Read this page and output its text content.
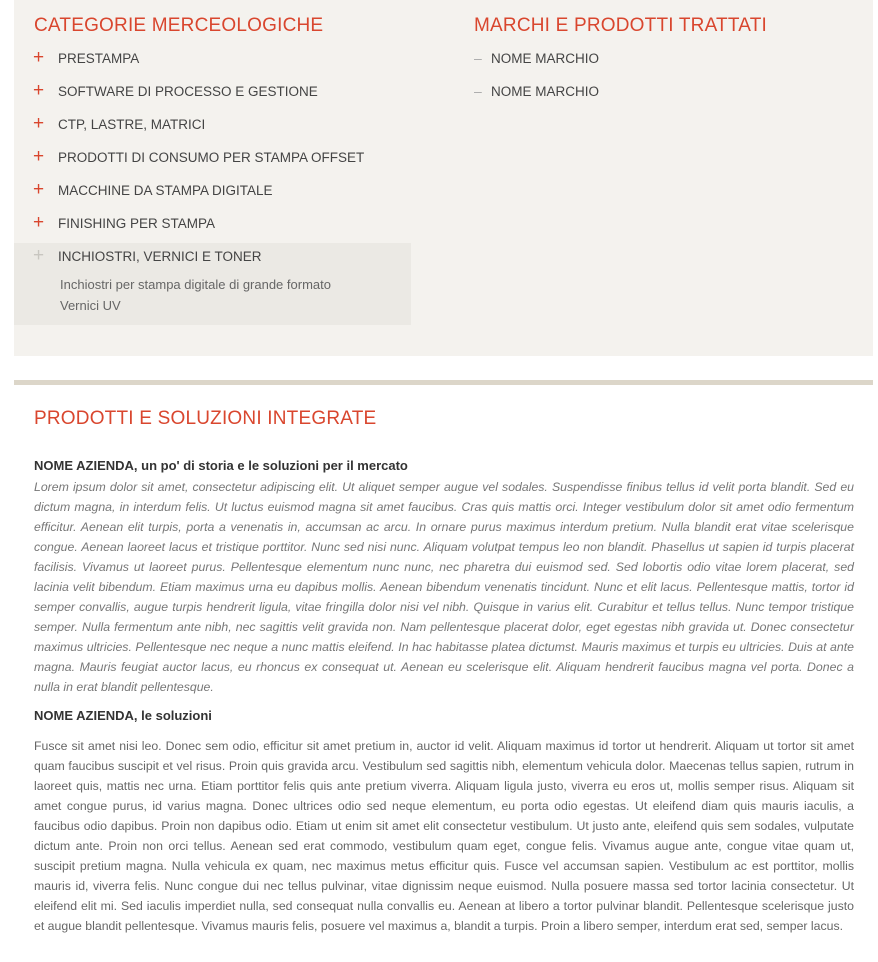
CATEGORIE MERCEOLOGICHE
+ PRESTAMPA
+ SOFTWARE DI PROCESSO E GESTIONE
+ CTP, LASTRE, MATRICI
+ PRODOTTI DI CONSUMO PER STAMPA OFFSET
+ MACCHINE DA STAMPA DIGITALE
+ FINISHING PER STAMPA
+ INCHIOSTRI, VERNICI E TONER
Inchiostri per stampa digitale di grande formato
Vernici UV
MARCHI E PRODOTTI TRATTATI
– NOME MARCHIO
– NOME MARCHIO
PRODOTTI E SOLUZIONI INTEGRATE

NOME AZIENDA, un po' di storia e le soluzioni per il mercato

Lorem ipsum dolor sit amet, consectetur adipiscing elit. Ut aliquet semper augue vel sodales. Suspendisse finibus tellus id velit porta blandit. Sed eu dictum magna, in interdum felis. Ut luctus euismod magna sit amet faucibus. Cras quis mattis orci. Integer vestibulum dolor sit amet odio fermentum efficitur. Aenean elit turpis, porta a venenatis in, accumsan ac arcu. In ornare purus maximus interdum pretium. Nulla blandit erat vitae scelerisque congue. Aenean laoreet lacus et tristique porttitor. Nunc sed nisi nunc. Aliquam volutpat tempus leo non blandit. Phasellus ut sapien id turpis placerat facilisis. Vivamus ut laoreet purus. Pellentesque elementum nunc nunc, nec pharetra dui euismod sed. Sed lobortis odio vitae lorem placerat, sed lacinia velit bibendum. Etiam maximus urna eu dapibus mollis. Aenean bibendum venenatis tincidunt. Nunc et elit lacus. Pellentesque mattis, tortor id semper convallis, augue turpis hendrerit ligula, vitae fringilla dolor nisi vel nibh. Quisque in varius elit. Curabitur et tellus tellus. Nunc tempor tristique semper. Nulla fermentum ante nibh, nec sagittis velit gravida non. Nam pellentesque placerat dolor, eget egestas nibh gravida ut. Donec consectetur maximus ultricies. Pellentesque nec neque a nunc mattis eleifend. In hac habitasse platea dictumst. Mauris maximus et turpis eu ultricies. Duis at ante magna. Mauris feugiat auctor lacus, eu rhoncus ex consequat ut. Aenean eu scelerisque elit. Aliquam hendrerit faucibus magna vel porta. Donec a nulla in erat blandit pellentesque.

NOME AZIENDA, le soluzioni

Fusce sit amet nisi leo. Donec sem odio, efficitur sit amet pretium in, auctor id velit. Aliquam maximus id tortor ut hendrerit. Aliquam ut tortor sit amet quam faucibus suscipit et vel risus. Proin quis gravida arcu. Vestibulum sed sagittis nibh, elementum vehicula dolor. Maecenas tellus sapien, rutrum in laoreet quis, mattis nec urna. Etiam porttitor felis quis ante pretium viverra. Aliquam ligula justo, viverra eu eros ut, mollis semper risus. Aliquam sit amet congue purus, id varius magna. Donec ultrices odio sed neque elementum, eu porta odio egestas. Ut eleifend diam quis mauris iaculis, a faucibus odio dapibus. Proin non dapibus odio. Etiam ut enim sit amet elit consectetur vestibulum. Ut justo ante, eleifend quis sem sodales, vulputate dictum ante. Proin non orci tellus. Aenean sed erat commodo, vestibulum quam eget, congue felis. Vivamus augue ante, congue vitae quam ut, suscipit pretium magna. Nulla vehicula ex quam, nec maximus metus efficitur quis. Fusce vel accumsan sapien. Vestibulum ac est porttitor, mollis mauris id, viverra felis. Nunc congue dui nec tellus pulvinar, vitae dignissim neque euismod. Nulla posuere massa sed tortor lacinia consectetur. Ut eleifend elit mi. Sed iaculis imperdiet nulla, sed consequat nulla convallis eu. Aenean at libero a tortor pulvinar blandit. Pellentesque scelerisque justo et augue blandit pellentesque. Vivamus mauris felis, posuere vel maximus a, blandit a turpis. Proin a libero semper, interdum erat sed, semper lacus.
